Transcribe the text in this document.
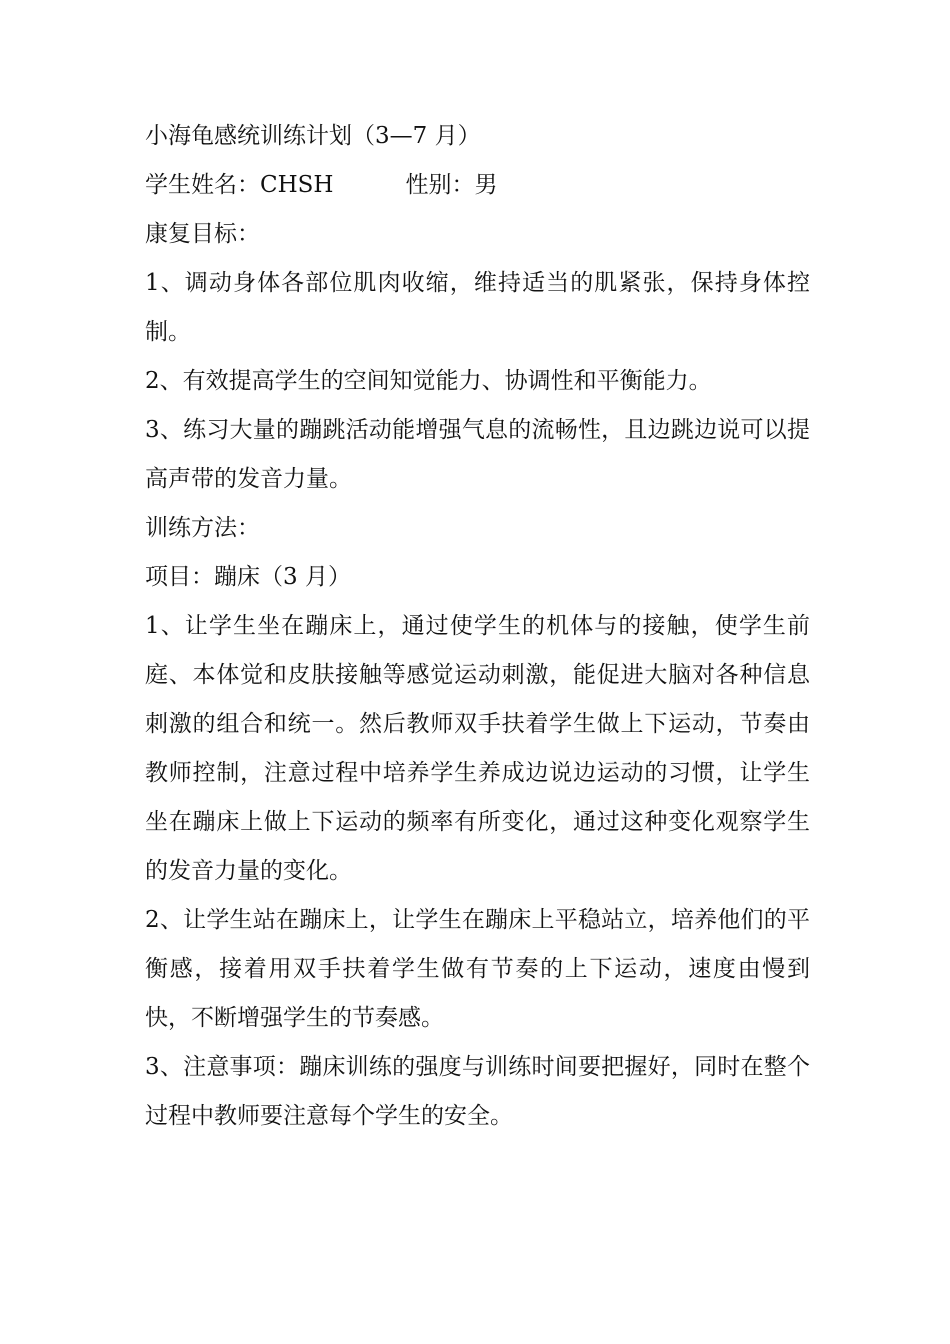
小海龟感统训练计划（3—7 月）

学生姓名：CHSH	性别：男

康复目标：

1、调动身体各部位肌肉收缩，维持适当的肌紧张，保持身体控制。

2、有效提高学生的空间知觉能力、协调性和平衡能力。

3、练习大量的蹦跳活动能增强气息的流畅性，且边跳边说可以提高声带的发音力量。

训练方法：

项目：蹦床（3 月）

1、让学生坐在蹦床上，通过使学生的机体与的接触，使学生前庭、本体觉和皮肤接触等感觉运动刺激，能促进大脑对各种信息刺激的组合和统一。然后教师双手扶着学生做上下运动，节奏由教师控制，注意过程中培养学生养成边说边运动的习惯，让学生坐在蹦床上做上下运动的频率有所变化，通过这种变化观察学生的发音力量的变化。

2、让学生站在蹦床上，让学生在蹦床上平稳站立，培养他们的平衡感，接着用双手扶着学生做有节奏的上下运动，速度由慢到快，不断增强学生的节奏感。

3、注意事项：蹦床训练的强度与训练时间要把握好，同时在整个过程中教师要注意每个学生的安全。
